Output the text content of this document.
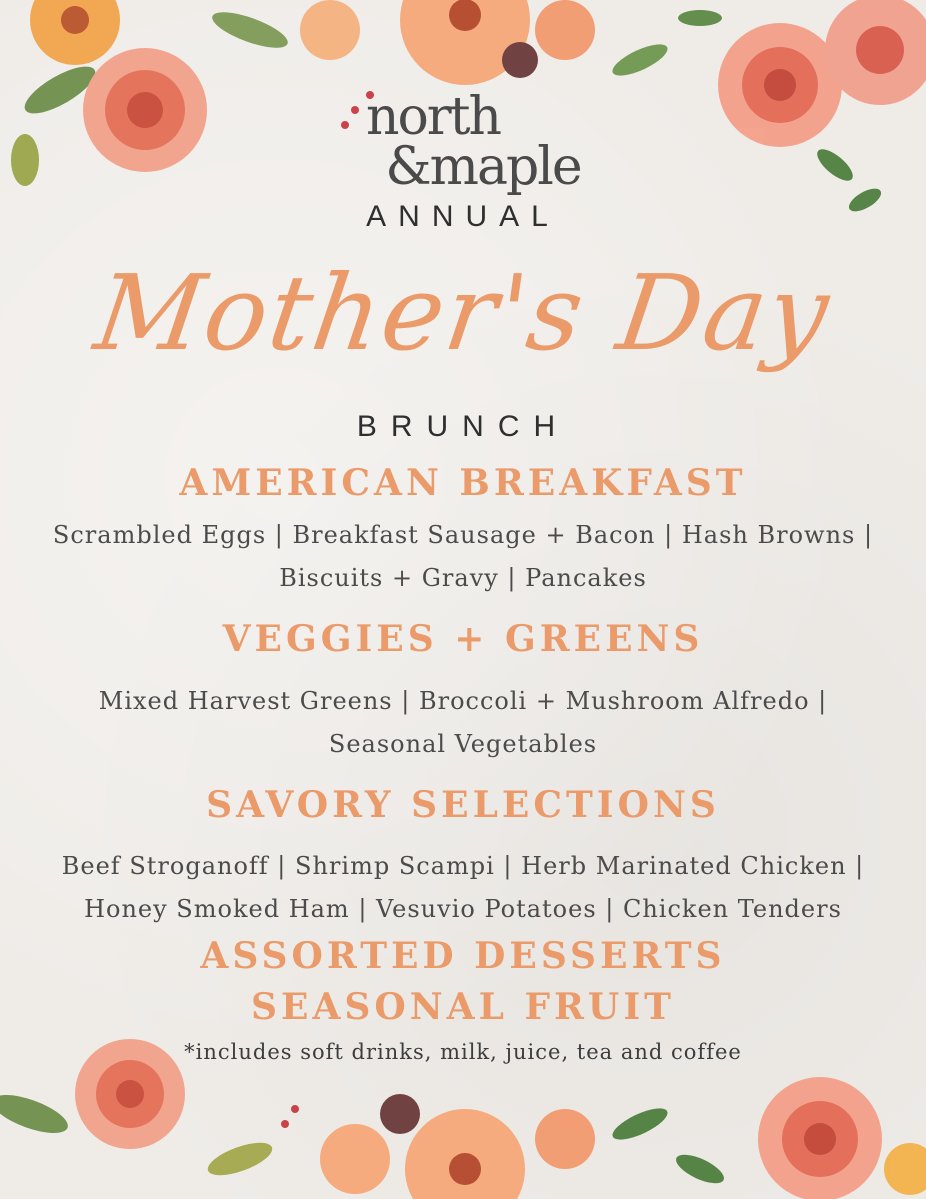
north
&maple
ANNUAL
Mother's Day
BRUNCH
AMERICAN BREAKFAST
Scrambled Eggs | Breakfast Sausage + Bacon | Hash Browns |
Biscuits + Gravy | Pancakes
VEGGIES + GREENS
Mixed Harvest Greens | Broccoli + Mushroom Alfredo |
Seasonal Vegetables
SAVORY SELECTIONS
Beef Stroganoff | Shrimp Scampi | Herb Marinated Chicken |
Honey Smoked Ham | Vesuvio Potatoes | Chicken Tenders
ASSORTED DESSERTS
SEASONAL FRUIT
*includes soft drinks, milk, juice, tea and coffee
